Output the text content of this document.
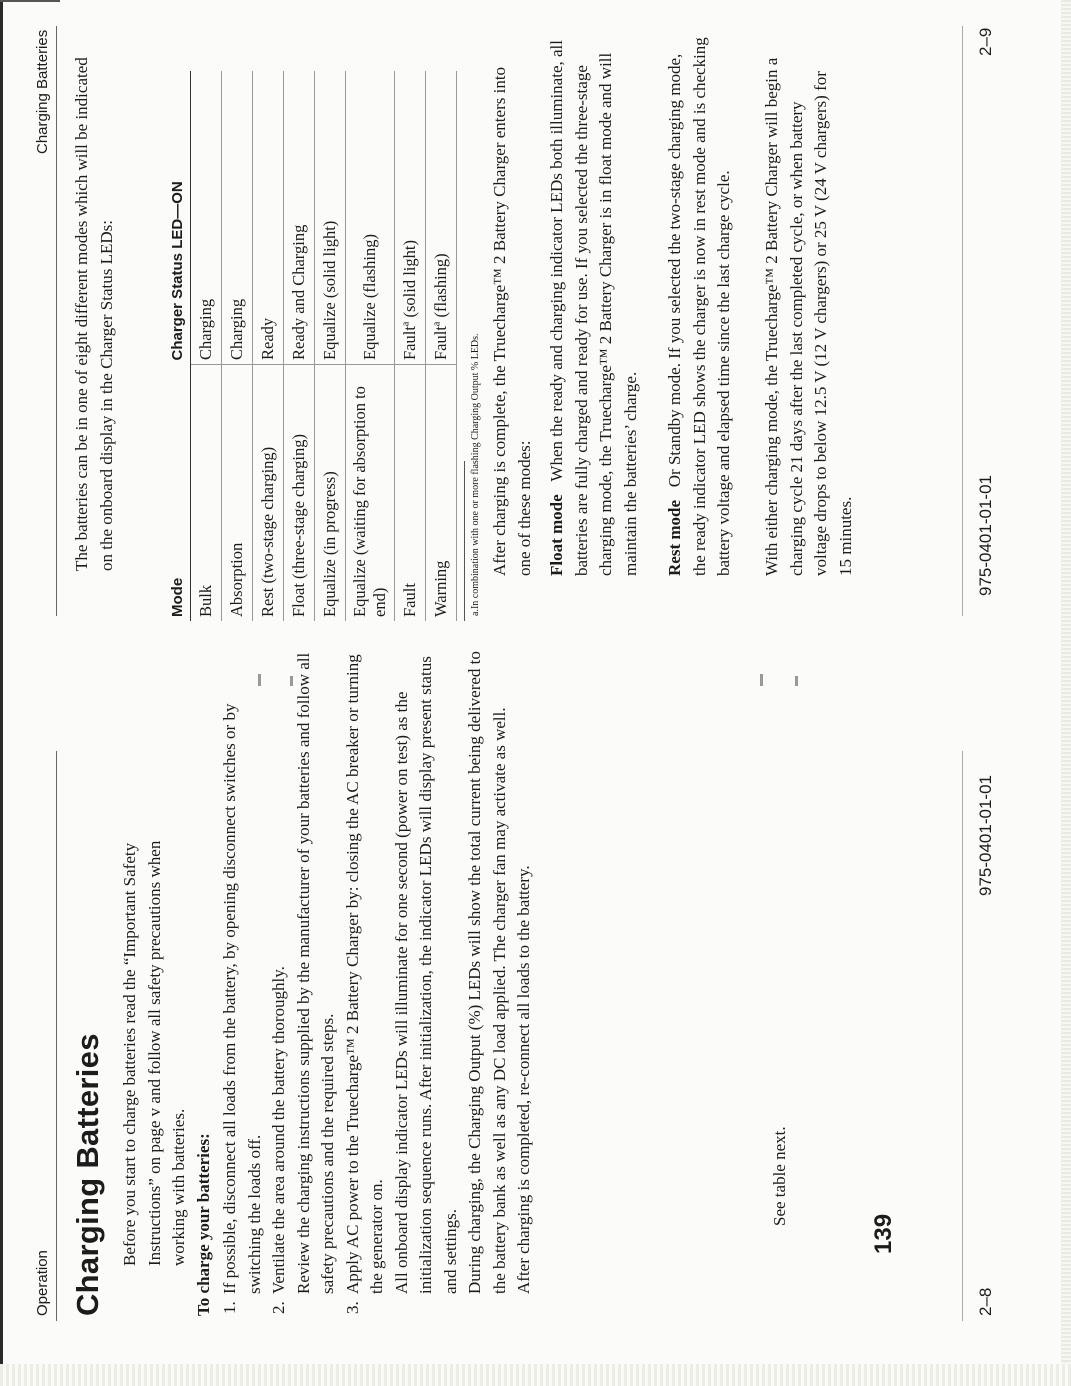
Operation Charging Batteries Before you start to charge batteries read the “Important Safety Instructions” on page v and follow all safety precautions when working with batteries. To charge your batteries: 1.
If possible, disconnect all loads from the battery, by opening disconnect switches or by switching the loads off.
2.
Ventilate the area around the battery thoroughly. Review the charging instructions supplied by the manufacturer of your batteries and follow all safety precautions and the required steps.
3.
Apply AC power to the Truecharge™ 2 Battery Charger by: closing the AC breaker or turning the generator on. All onboard display indicator LEDs will illuminate for one second (power on test) as the initialization sequence runs. After initialization, the indicator LEDs will display present status and settings. During charging, the Charging Output (%) LEDs will show the total current being delivered to the battery bank as well as any DC load applied. The charger fan may activate as well. After charging is completed, re-connect all loads to the battery.	See table next.
139
2–8
975-0401-01-01
Charging Batteries The batteries can be in one of eight different modes which will be indicated on the onboard display in the Charger Status LEDs:
Mode	Charger Status LED—ON
Bulk	Charging
Absorption	Charging
Rest (two-stage charging)	Ready
Float (three-stage charging)	Ready and Charging
Equalize (in progress)	Equalize (solid light)
Equalize (waiting for absorption to end)	Equalize (flashing)
Fault	Fault$^a$ (solid light)
Warning	Fault$^a$ (flashing)
a.In combination with one or more flashing Charging Output % LEDs. After charging is complete, the Truecharge™ 2 Battery Charger enters into one of these modes: Float mode   When the ready and charging indicator LEDs both illuminate, all batteries are fully charged and ready for use. If you selected the three-stage charging mode, the Truecharge™ 2 Battery Charger is in float mode and will maintain the batteries’ charge. Rest mode   Or Standby mode. If you selected the two-stage charging mode, the ready indicator LED shows the charger is now in rest mode and is checking battery voltage and elapsed time since the last charge cycle. With either charging mode, the Truecharge™ 2 Battery Charger will begin a charging cycle 21 days after the last completed cycle, or when battery voltage drops to below 12.5 V (12 V chargers) or 25 V (24 V chargers) for 15 minutes.	975-0401-01-01
2–9
